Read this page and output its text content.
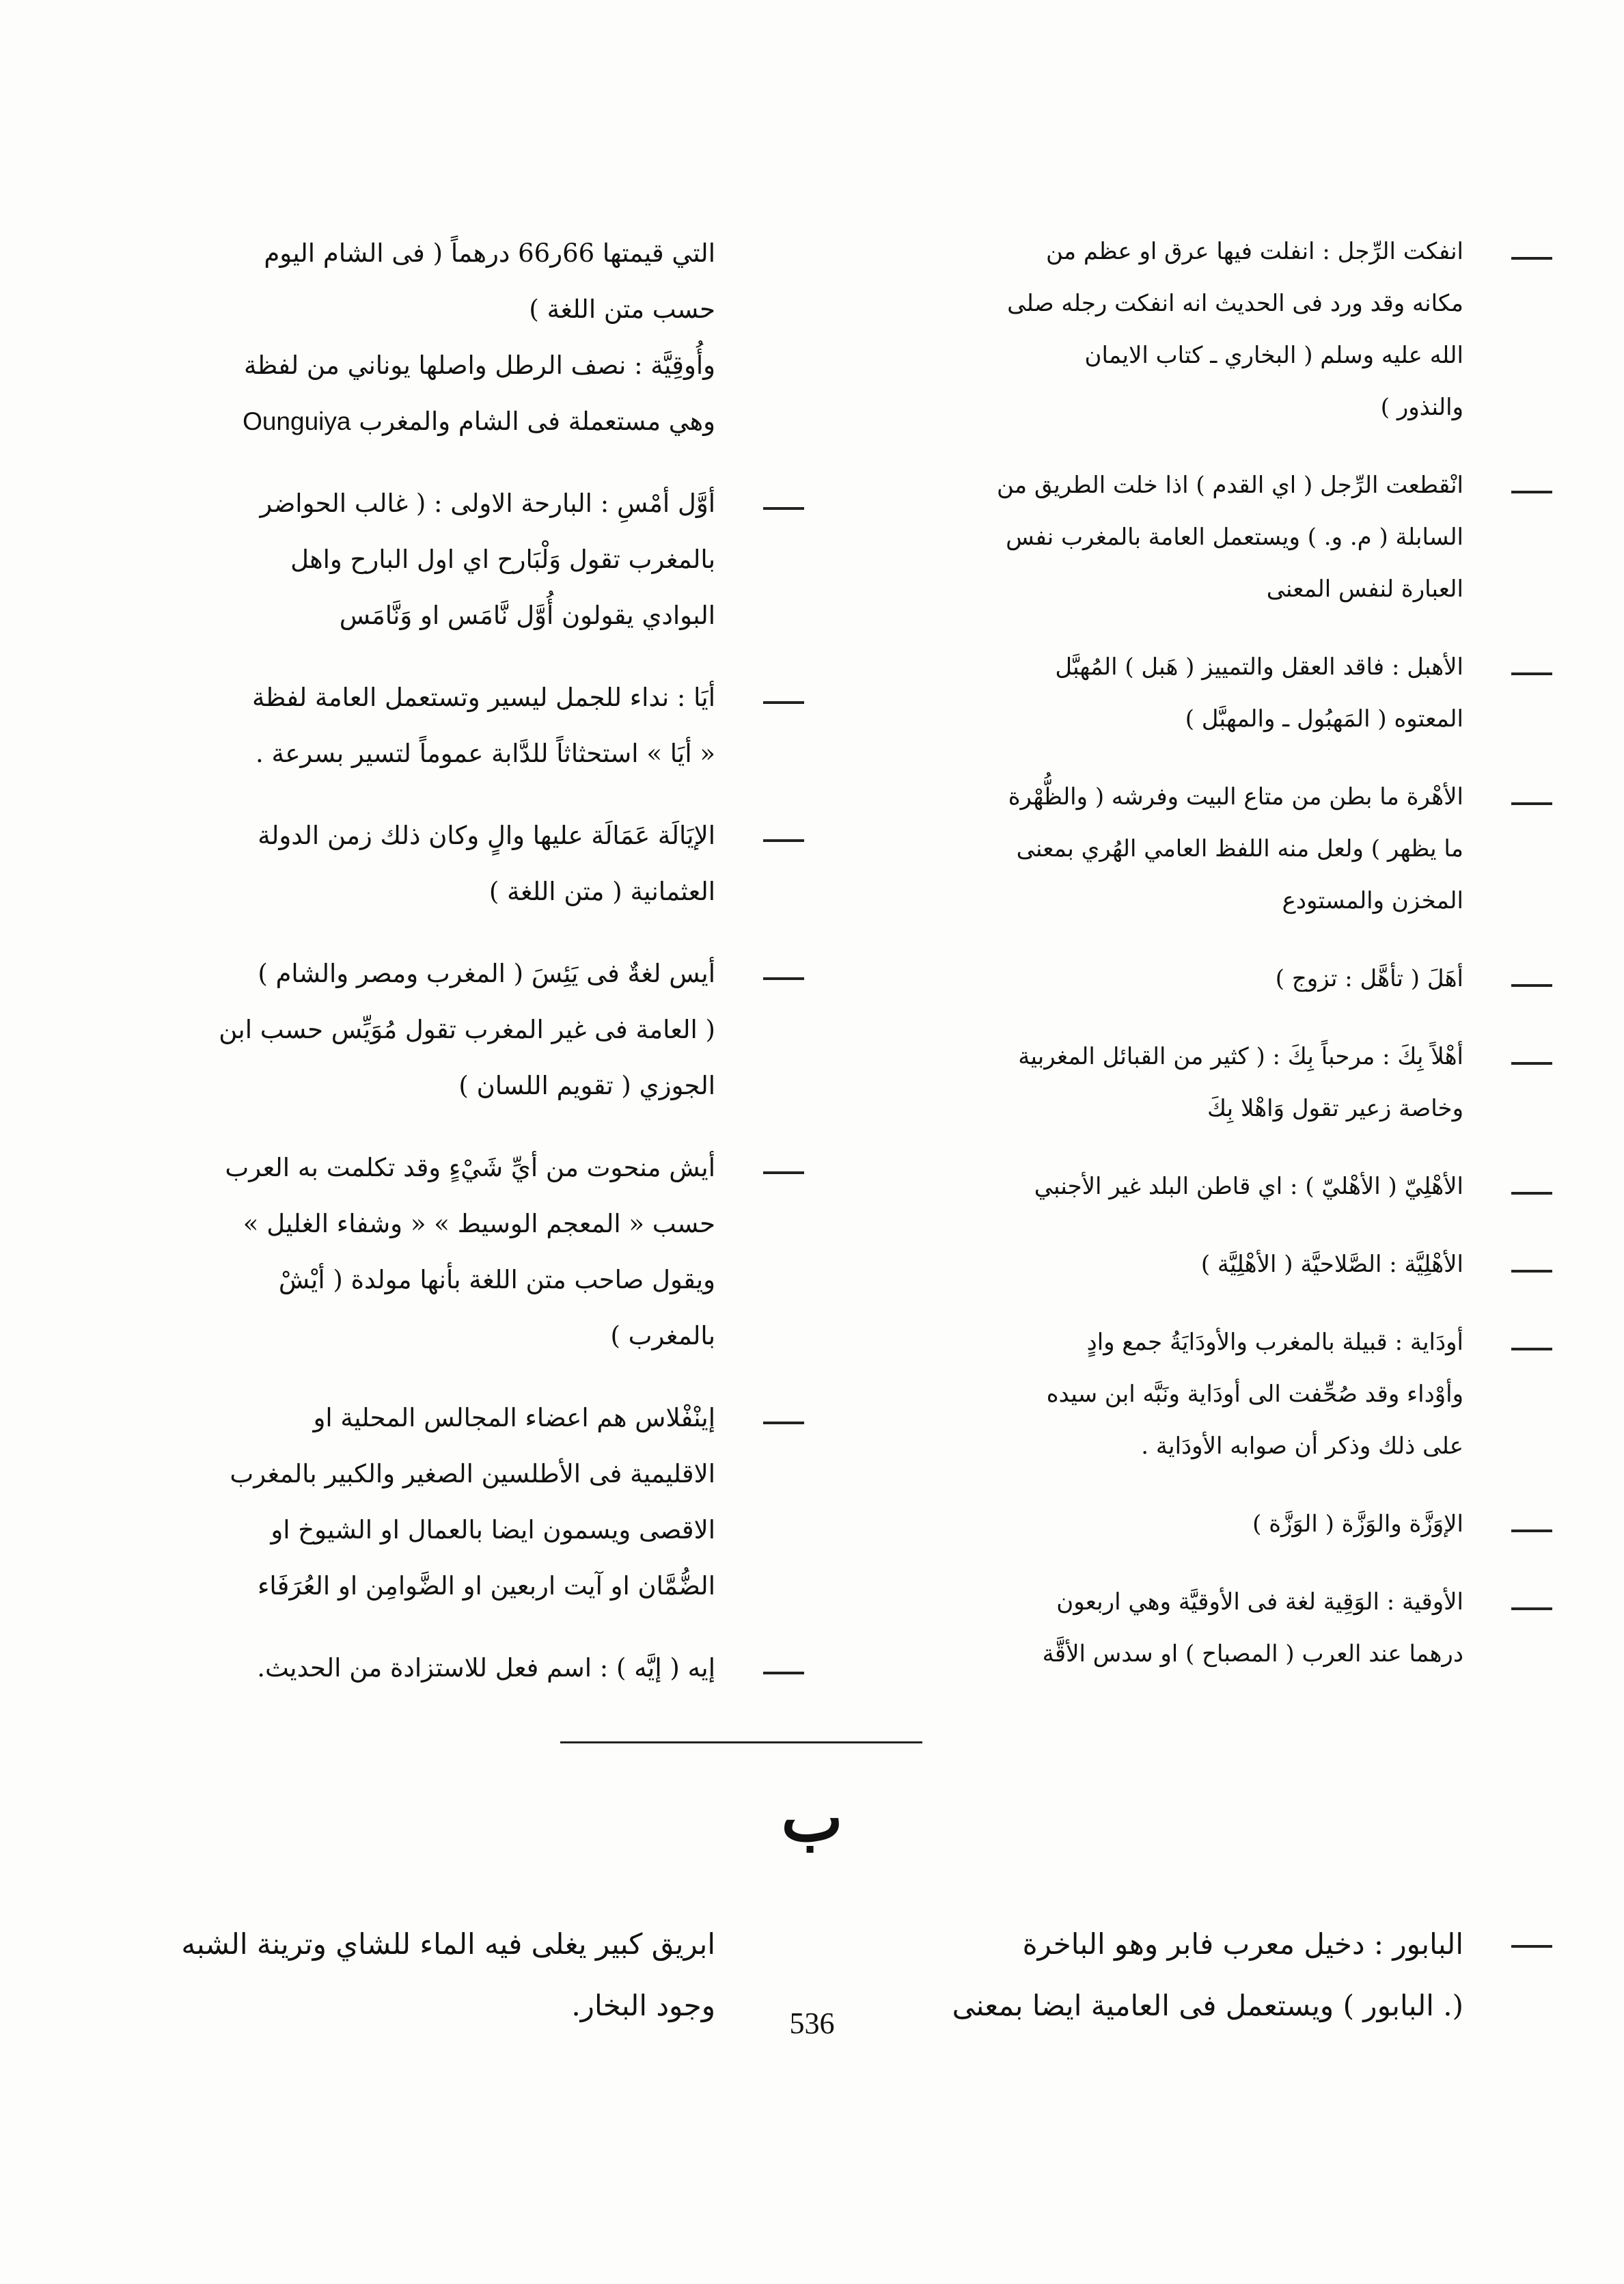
انفكت الرِّجل : انفلت فيها عرق او عظم من
مكانه وقد ورد فى الحديث انه انفكت رجله صلى
الله عليه وسلم ( البخاري ـ كتاب الايمان
والنذور )
انْقطعت الرِّجل ( اي القدم ) اذا خلت الطريق من
السابلة ( م. و. ) ويستعمل العامة بالمغرب نفس
العبارة لنفس المعنى
الأهبل : فاقد العقل والتمييز ( هَبل ) المُهبَّل
المعتوه ( المَهبُول ـ والمهبَّل )
الأهْرة ما بطن من متاع البيت وفرشه ( والظُّهْرة
ما يظهر ) ولعل منه اللفظ العامي الهُري بمعنى
المخزن والمستودع
أهَلَ ( تأهَّل : تزوج )
أهْلاً بِكَ : مرحباً بِكَ : ( كثير من القبائل المغربية
وخاصة زعير تقول وَاهْلا بِكَ
الأهْلِيّ ( الأهْليّ ) : اي قاطن البلد غير الأجنبي
الأهْلِيَّة : الصَّلاحيَّة ( الأهْلِيَّة )
أودَاية : قبيلة بالمغرب والأودَايَةُ جمع وادٍ
وأوْداء وقد صُحِّفت الى أودَاية ونَبَّه ابن سيده
على ذلك وذكر أن صوابه الأودَاية .
الإوَزَّة والوَزَّة ( الوَزَّة )
الأوقية : الوَقِية لغة فى الأوقيَّة وهي اربعون
درهما عند العرب ( المصباح ) او سدس الأقَّة
التي قيمتها 66ر66 درهماً ( فى الشام اليوم
حسب متن اللغة )
وأُوقِيَّة : نصف الرطل واصلها يوناني من لفظة
وهي مستعملة فى الشام والمغرب Ounguiya
أوَّل أمْسِ : البارحة الاولى : ( غالب الحواضر
بالمغرب تقول وَلْبَارح اي اول البارح واهل
البوادي يقولون أُوَّل نَّامَس او وَنَّامَس
أيَا : نداء للجمل ليسير وتستعمل العامة لفظة
« أيَا » استحثاثاً للدَّابة عموماً لتسير بسرعة .
الإيَالَة عَمَالَة عليها والٍ وكان ذلك زمن الدولة
العثمانية ( متن اللغة )
أيس لغةٌ فى يَئِسَ ( المغرب ومصر والشام )
( العامة فى غير المغرب تقول مُوَيِّس حسب ابن
الجوزي ( تقويم اللسان )
أيش منحوت من أيِّ شَيْءٍ وقد تكلمت به العرب
حسب « المعجم الوسيط » « وشفاء الغليل »
ويقول صاحب متن اللغة بأنها مولدة ( أيْشْ
بالمغرب )
إينْفْلاس هم اعضاء المجالس المحلية او
الاقليمية فى الأطلسين الصغير والكبير بالمغرب
الاقصى ويسمون ايضا بالعمال او الشيوخ او
الضُّمَّان او آيت اربعين او الضَّوامِن او العُرَفَاء
إيه ( إيَّه ) : اسم فعل للاستزادة من الحديث.
ب
البابور : دخيل معرب فابر وهو الباخرة
(. البابور ) ويستعمل فى العامية ايضا بمعنى
ابريق كبير يغلى فيه الماء للشاي وترينة الشبه
وجود البخار.
536
